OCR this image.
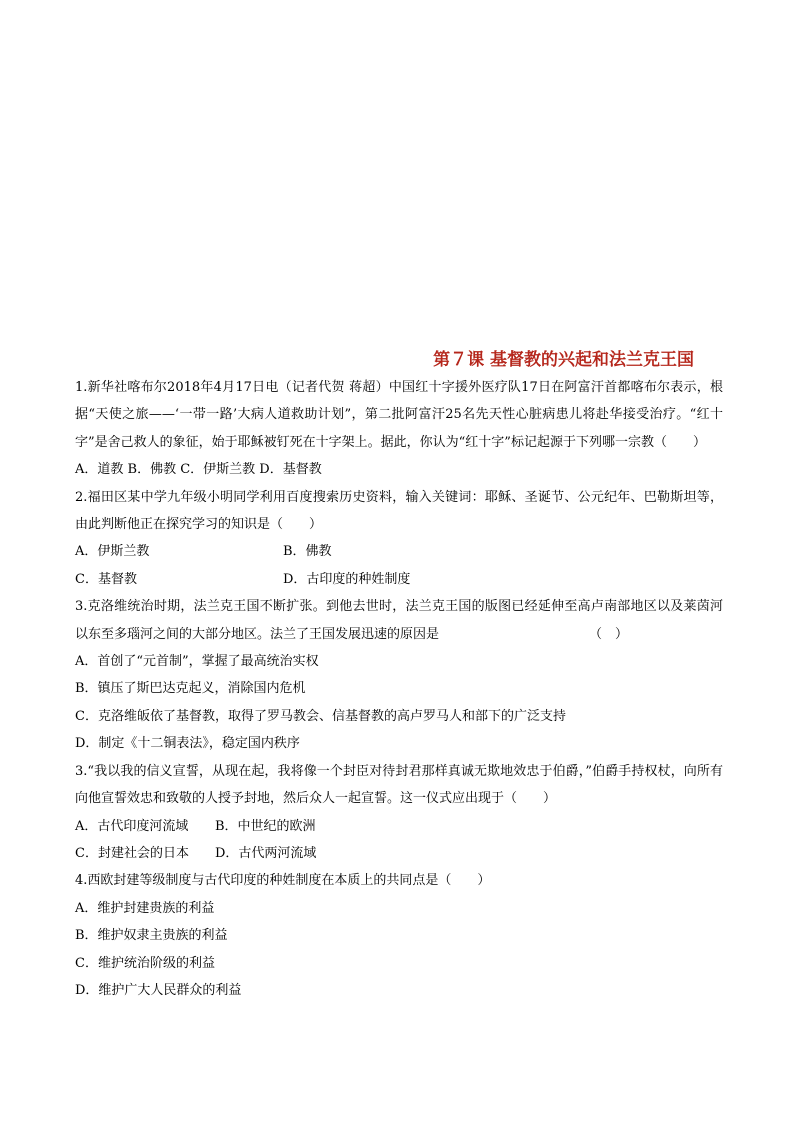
第７课 基督教的兴起和法兰克王国

1.新华社喀布尔2018年4月17日电（记者代贺 蒋超）中国红十字援外医疗队17日在阿富汗首都喀布尔表示，根据“天使之旅——‘一带一路’大病人道救助计划”，第二批阿富汗25名先天性心脏病患儿将赴华接受治疗。“红十字”是舍己救人的象征，始于耶稣被钉死在十字架上。据此，你认为“红十字”标记起源于下列哪一宗教（　　）

A．道教 B．佛教 C．伊斯兰教 D．基督教

2.福田区某中学九年级小明同学利用百度搜索历史资料，输入关键词：耶稣、圣诞节、公元纪年、巴勒斯坦等，由此判断他正在探究学习的知识是（　　）

A．伊斯兰教	B．佛教
C．基督教	D．古印度的种姓制度

3.克洛维统治时期，法兰克王国不断扩张。到他去世时，法兰克王国的版图已经延伸至高卢南部地区以及莱茵河以东至多瑙河之间的大部分地区。法兰了王国发展迅速的原因是	（　）

A．首创了“元首制”，掌握了最高统治实权

B．镇压了斯巴达克起义，消除国内危机

C．克洛维皈依了基督教，取得了罗马教会、信基督教的高卢罗马人和部下的广泛支持

D．制定《十二铜表法》，稳定国内秩序

3.“我以我的信义宣誓，从现在起，我将像一个封臣对待封君那样真诚无欺地效忠于伯爵，”伯爵手持权杖，向所有向他宣誓效忠和致敬的人授予封地，然后众人一起宣誓。这一仪式应出现于（　　）

A．古代印度河流域	B．中世纪的欧洲
C．封建社会的日本	D．古代两河流域

4.西欧封建等级制度与古代印度的种姓制度在本质上的共同点是（　　）

A．维护封建贵族的利益

B．维护奴隶主贵族的利益

C．维护统治阶级的利益

D．维护广大人民群众的利益
